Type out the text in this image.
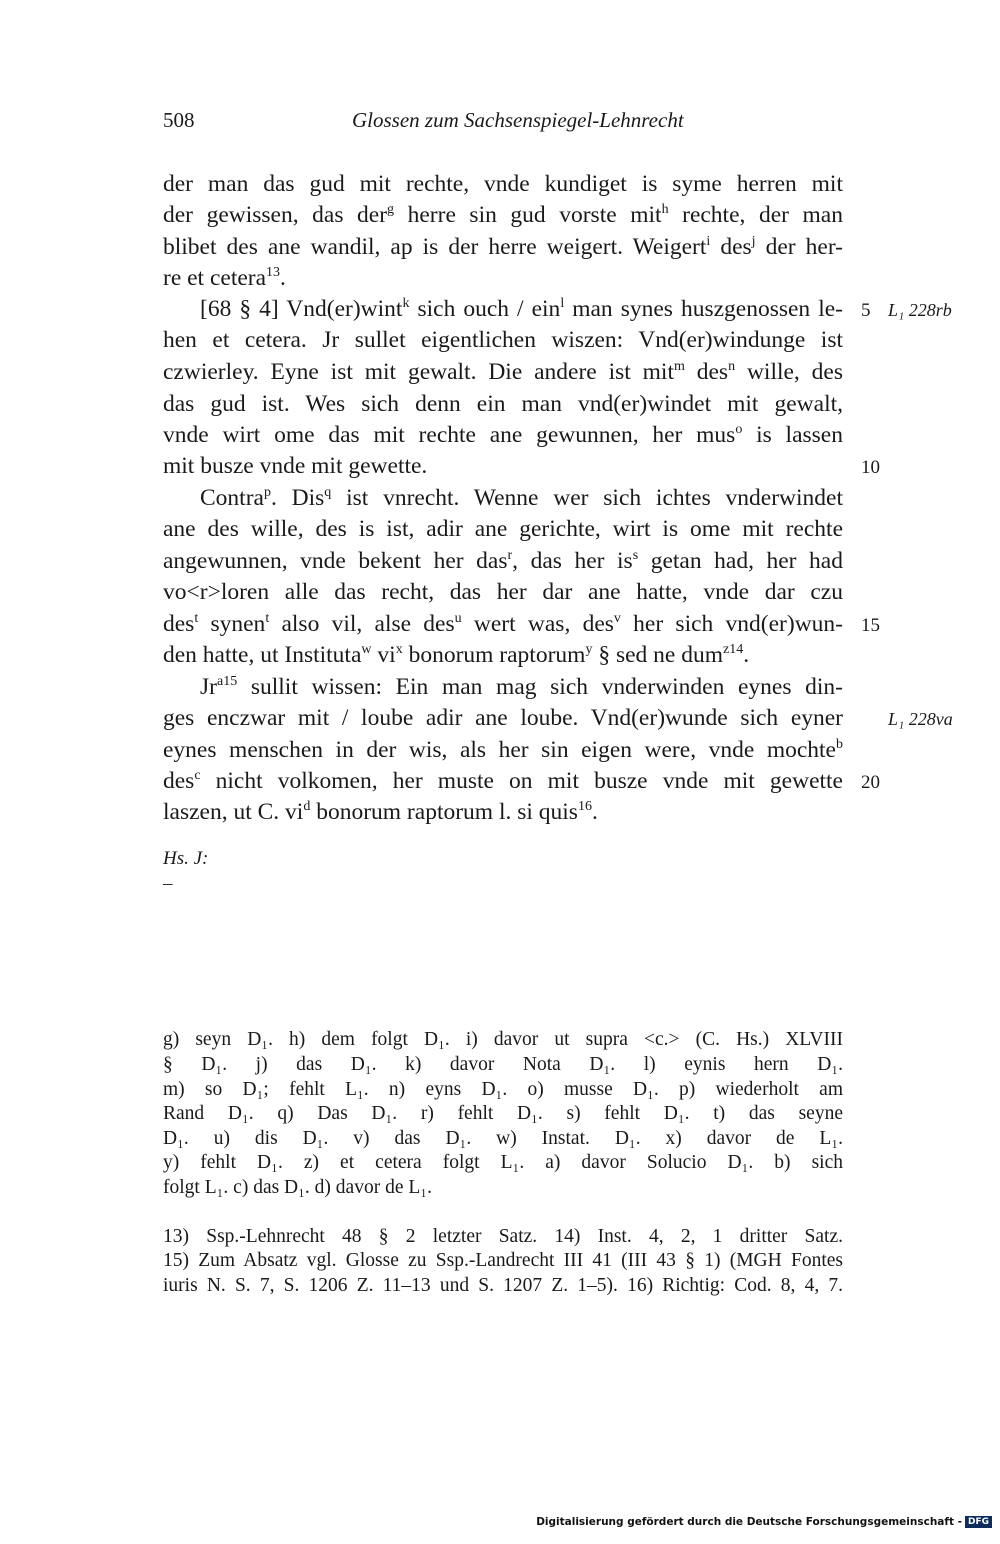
508	Glossen zum Sachsenspiegel-Lehnrecht
der man das gud mit rechte, vnde kundiget is syme herren mit
der gewissen, das der$^g$ herre sin gud vorste mit$^h$ rechte, der man
blibet des ane wandil, ap is der herre weigert. Weigert$^i$ des$^j$ der her-
re et cetera$^{13}$.
[68 § 4] Vnd(er)wint$^k$ sich ouch / ein$^l$ man synes huszgenossen le-
hen et cetera. Jr sullet eigentlichen wiszen: Vnd(er)windunge ist
czwierley. Eyne ist mit gewalt. Die andere ist mit$^m$ des$^n$ wille, des
das gud ist. Wes sich denn ein man vnd(er)windet mit gewalt,
vnde wirt ome das mit rechte ane gewunnen, her mus$^o$ is lassen
mit busze vnde mit gewette.
Contra$^p$. Dis$^q$ ist vnrecht. Wenne wer sich ichtes vnderwindet
ane des wille, des is ist, adir ane gerichte, wirt is ome mit rechte
angewunnen, vnde bekent her das$^r$, das her $is^s$ getan had, her had
vo<r>loren alle das recht, das her dar ane hatte, vnde dar czu
des$^t$ synen$^t$ also vil, alse des$^u$ wert was, des$^v$ her sich vnd(er)wun-
den hatte, ut Instituta$^w$ $vi^x$ bonorum raptorum$^y$ § sed ne dum$^{z14}$.
$Jr^{a15}$ sullit wissen: Ein man mag sich vnderwinden eynes din-
ges enczwar mit / loube adir ane loube. Vnd(er)wunde sich eyner
eynes menschen in der wis, als her sin eigen were, vnde mochte$^b$
des$^c$ nicht volkomen, her muste on mit busze vnde mit gewette
laszen, ut C. $vi^d$ bonorum raptorum l. si quis$^{16}$.
5
10
15
20
L₁ 228rb
L₁ 228va
Hs. J:
–
g) seyn D₁. h) dem folgt D₁. i) davor ut supra <c.> (C. Hs.) XLVIII
§ D₁. j) das D₁. k) davor Nota D₁. l) eynis hern D₁.
m) so D₁; fehlt L₁. n) eyns D₁. o) musse D₁. p) wiederholt am
Rand D₁. q) Das D₁. r) fehlt D₁. s) fehlt D₁. t) das seyne
D₁. u) dis D₁. v) das D₁. w) Instat. D₁. x) davor de L₁.
y) fehlt D₁. z) et cetera folgt L₁. a) davor Solucio D₁. b) sich
folgt L₁. c) das D₁. d) davor de L₁.
13) Ssp.-Lehnrecht 48 § 2 letzter Satz. 14) Inst. 4, 2, 1 dritter Satz.
15) Zum Absatz vgl. Glosse zu Ssp.-Landrecht III 41 (III 43 § 1) (MGH Fontes
iuris N. S. 7, S. 1206 Z. 11–13 und S. 1207 Z. 1–5). 16) Richtig: Cod. 8, 4, 7.
Digitalisierung gefördert durch die Deutsche Forschungsgemeinschaft - DFG
